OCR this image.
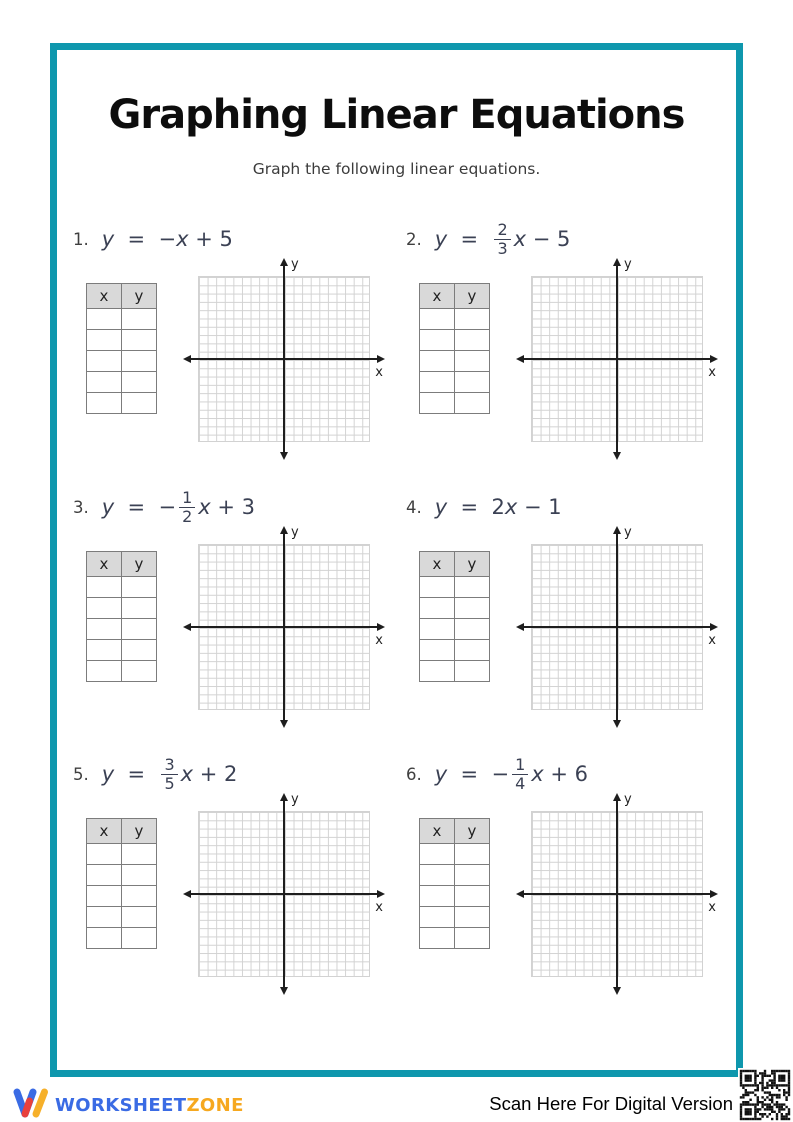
Graphing Linear Equations
Graph the following linear equations.
1. y = − x + 5
x	y

y
x
2. $y = \frac{2}{3}$ x − 5
x	y

y
x
3. y = − $\frac{1}{2}$ x + 3
x	y

y
x
4. y = 2 x − 1
x	y

y
x
5. $y = \frac{3}{5}$ x + 2
x	y

y
x
6. y = − $\frac{1}{4}$ x + 6
x	y

y
x
WORKSHEETZONE	Scan Here For Digital Version
